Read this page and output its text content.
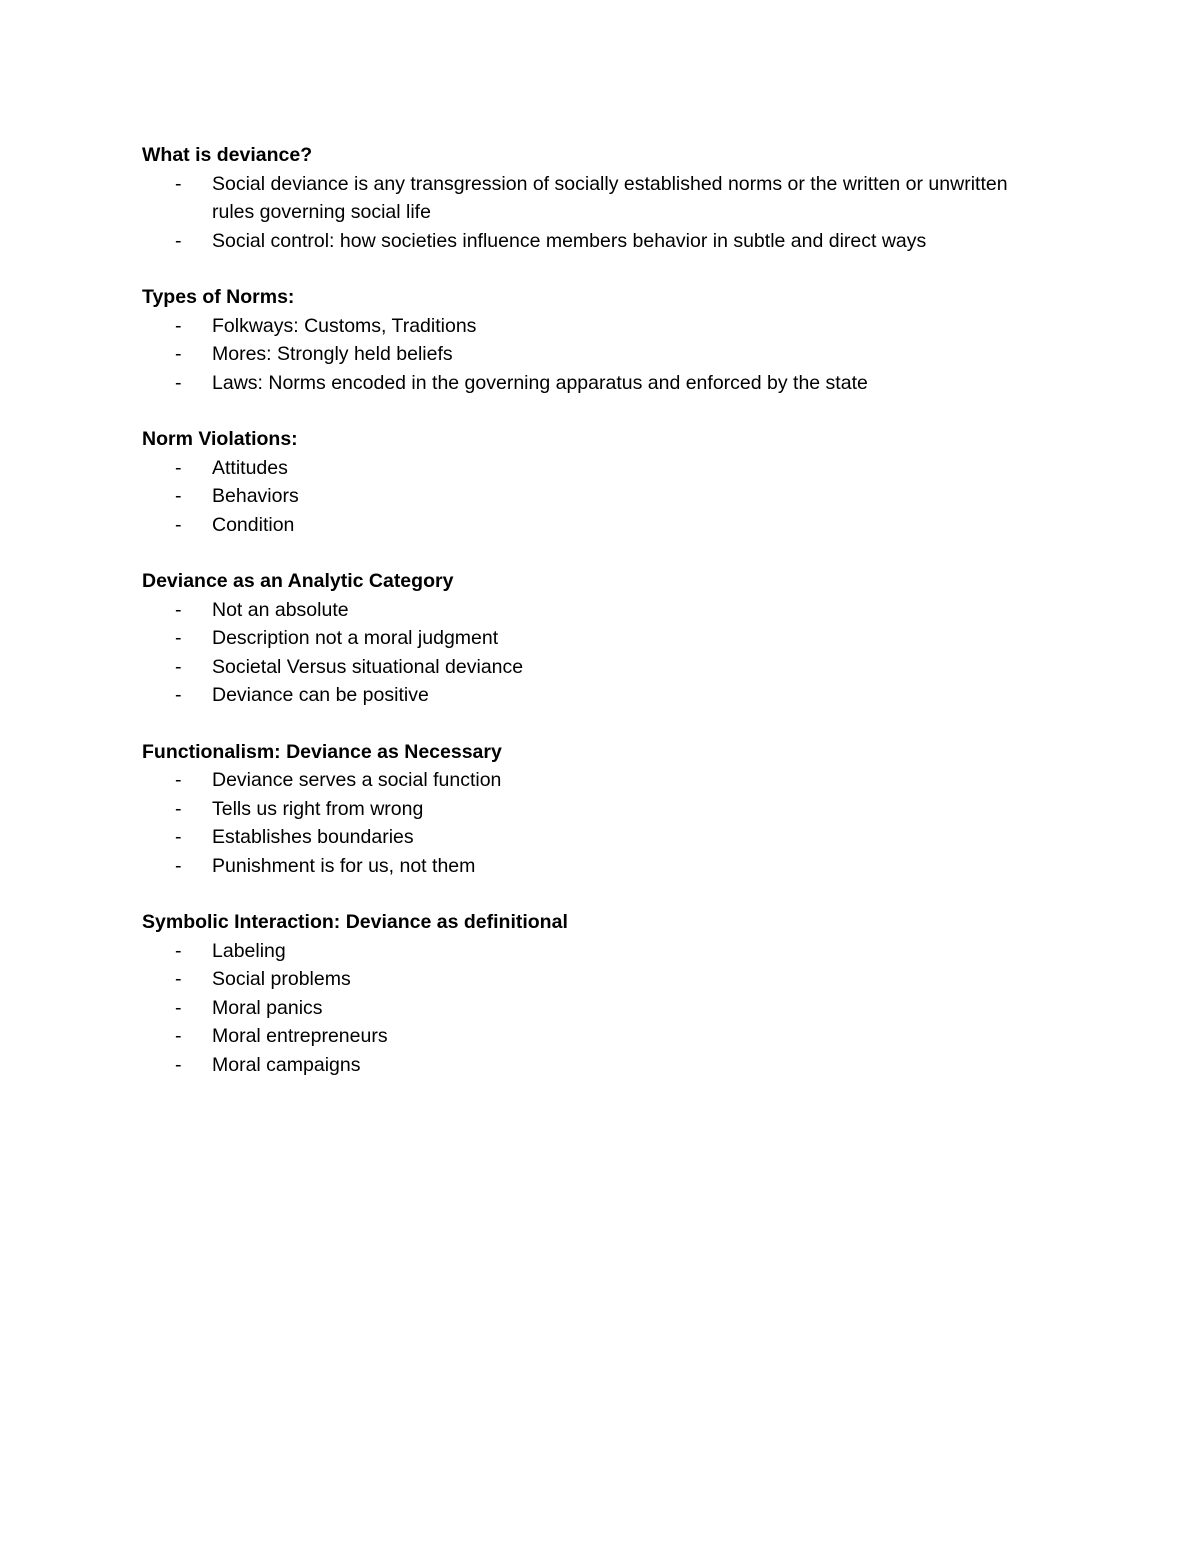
What is deviance?
- Social deviance is any transgression of socially established norms or the written or unwritten rules governing social life
- Social control: how societies influence members behavior in subtle and direct ways
Types of Norms:
- Folkways: Customs, Traditions
- Mores: Strongly held beliefs
- Laws: Norms encoded in the governing apparatus and enforced by the state
Norm Violations:
- Attitudes
- Behaviors
- Condition
Deviance as an Analytic Category
- Not an absolute
- Description not a moral judgment
- Societal Versus situational deviance
- Deviance can be positive
Functionalism: Deviance as Necessary
- Deviance serves a social function
- Tells us right from wrong
- Establishes boundaries
- Punishment is for us, not them
Symbolic Interaction: Deviance as definitional
- Labeling
- Social problems
- Moral panics
- Moral entrepreneurs
- Moral campaigns
